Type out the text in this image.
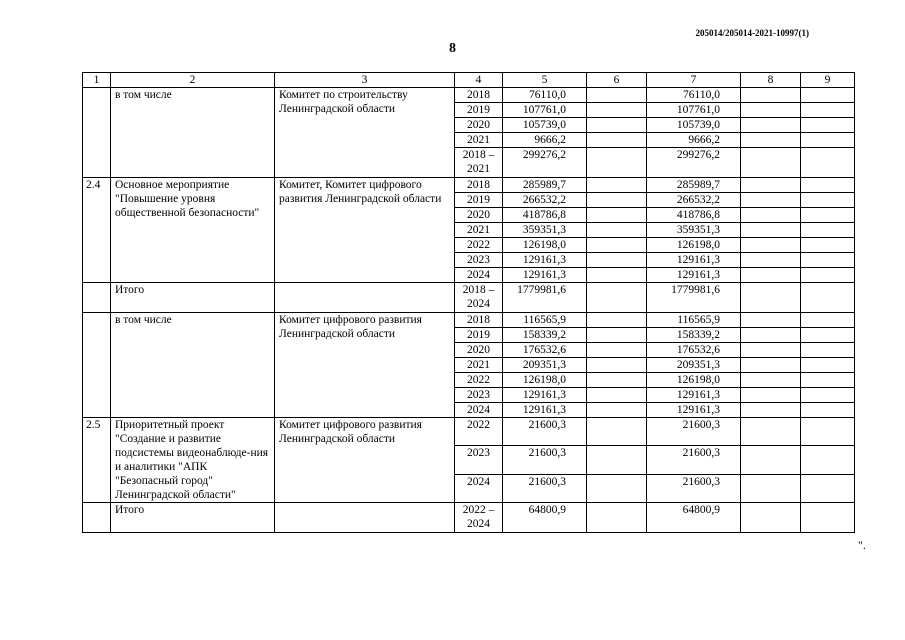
205014/205014-2021-10997(1)
8
1	2	3	4	5	6	7	8	9
	в том числе	Комитет по строительству Ленинградской области	2018	76110,0		76110,0		
			2019	107761,0		107761,0		
			2020	105739,0		105739,0		
			2021	9666,2		9666,2		
			2018 – 2021	299276,2		299276,2		
2.4	Основное мероприятие "Повышение уровня общественной безопасности"	Комитет, Комитет цифрового развития Ленинградской области	2018	285989,7		285989,7		
			2019	266532,2		266532,2		
			2020	418786,8		418786,8		
			2021	359351,3		359351,3		
			2022	126198,0		126198,0		
			2023	129161,3		129161,3		
			2024	129161,3		129161,3		
	Итого		2018 – 2024	1779981,6		1779981,6		
	в том числе	Комитет цифрового развития Ленинградской области	2018	116565,9		116565,9		
			2019	158339,2		158339,2		
			2020	176532,6		176532,6		
			2021	209351,3		209351,3		
			2022	126198,0		126198,0		
			2023	129161,3		129161,3		
			2024	129161,3		129161,3		
2.5	Приоритетный проект "Создание и развитие подсистемы видеонаблюде-ния и аналитики "АПК "Безопасный город" Ленинградской области"	Комитет цифрового развития Ленинградской области	2022	21600,3		21600,3		
			2023	21600,3		21600,3		
			2024	21600,3		21600,3		
	Итого		2022 – 2024	64800,9		64800,9		
".
